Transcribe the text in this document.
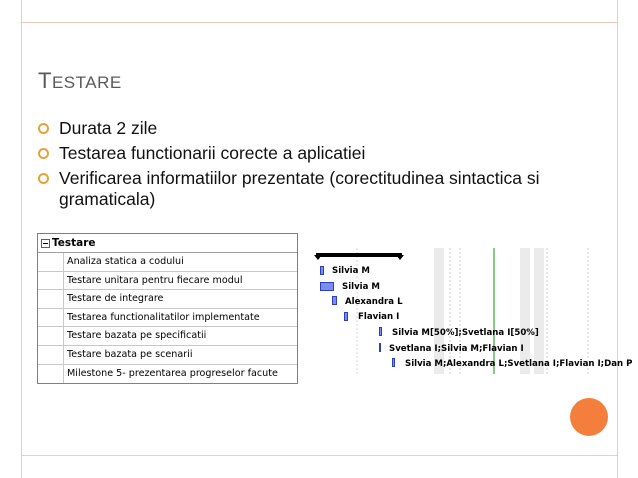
TESTARE
Durata 2 zile
Testarea functionarii corecte a aplicatiei
Verificarea informatiilor prezentate (corectitudinea sintactica si gramaticala)
Testare
Analiza statica a codului
Testare unitara pentru fiecare modul
Testare de integrare
Testarea functionalitatilor implementate
Testare bazata pe specificatii
Testare bazata pe scenarii
Milestone 5- prezentarea progreselor facute
Silvia M
Silvia M
Alexandra L
Flavian I
Silvia M[50%];Svetlana I[50%]
Svetlana I;Silvia M;Flavian I
Silvia M;Alexandra L;Svetlana I;Flavian I;Dan P
